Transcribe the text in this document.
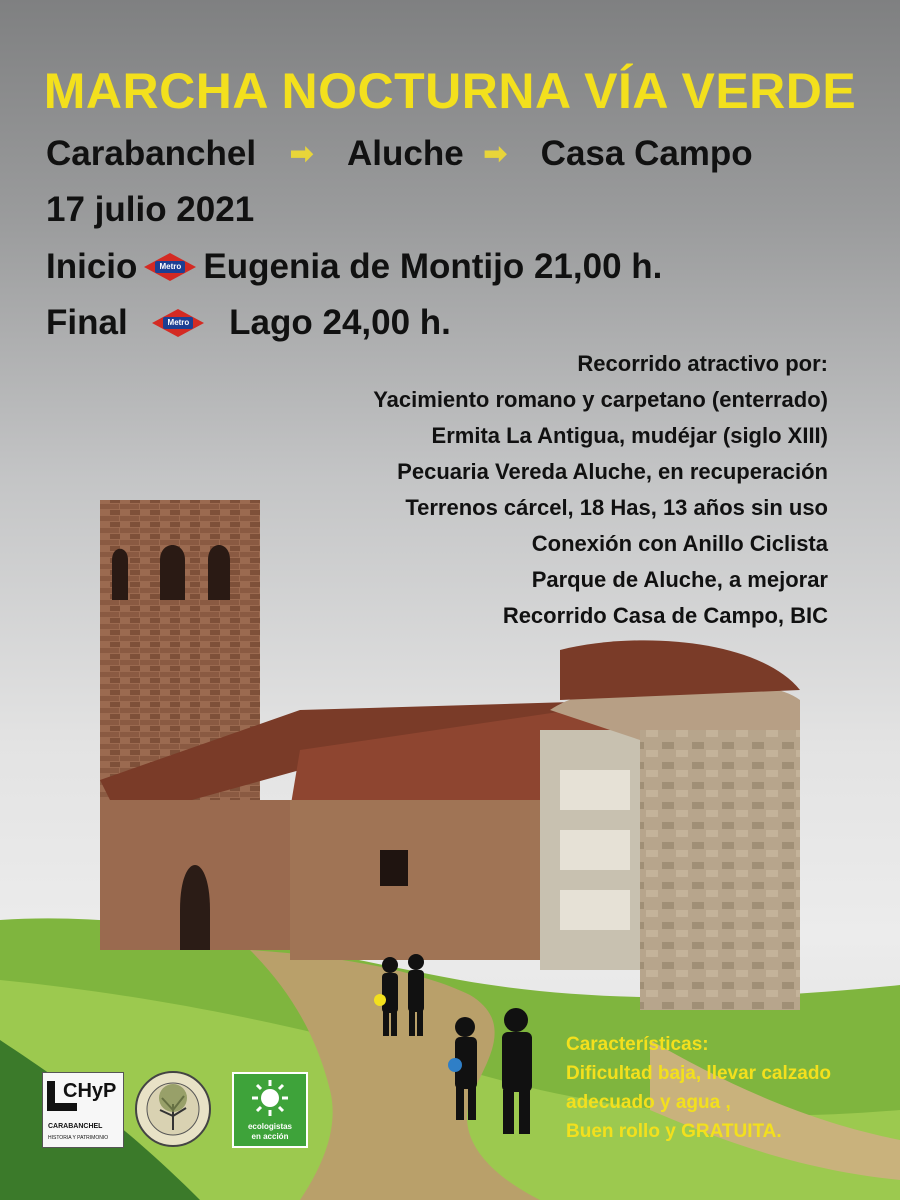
MARCHA NOCTURNA VÍA VERDE
Carabanchel ➡ Aluche ➡ Casa Campo
17 julio 2021
Inicio	Metro Eugenia de Montijo 21,00 h.
Final	Metro Lago 24,00 h.
Recorrido atractivo por:
Yacimiento romano y carpetano (enterrado)
Ermita La Antigua, mudéjar (siglo XIII)
Pecuaria Vereda Aluche, en recuperación
Terrenos cárcel, 18 Has, 13 años sin uso
Conexión con Anillo Ciclista
Parque de Aluche, a mejorar
Recorrido Casa de Campo, BIC
Características:
Dificultad baja, llevar calzado
adecuado y agua ,
Buen rollo y GRATUITA.
CHyP
CARABANCHEL
HISTORIA Y PATRIMONIO
ecologistas
en acción
